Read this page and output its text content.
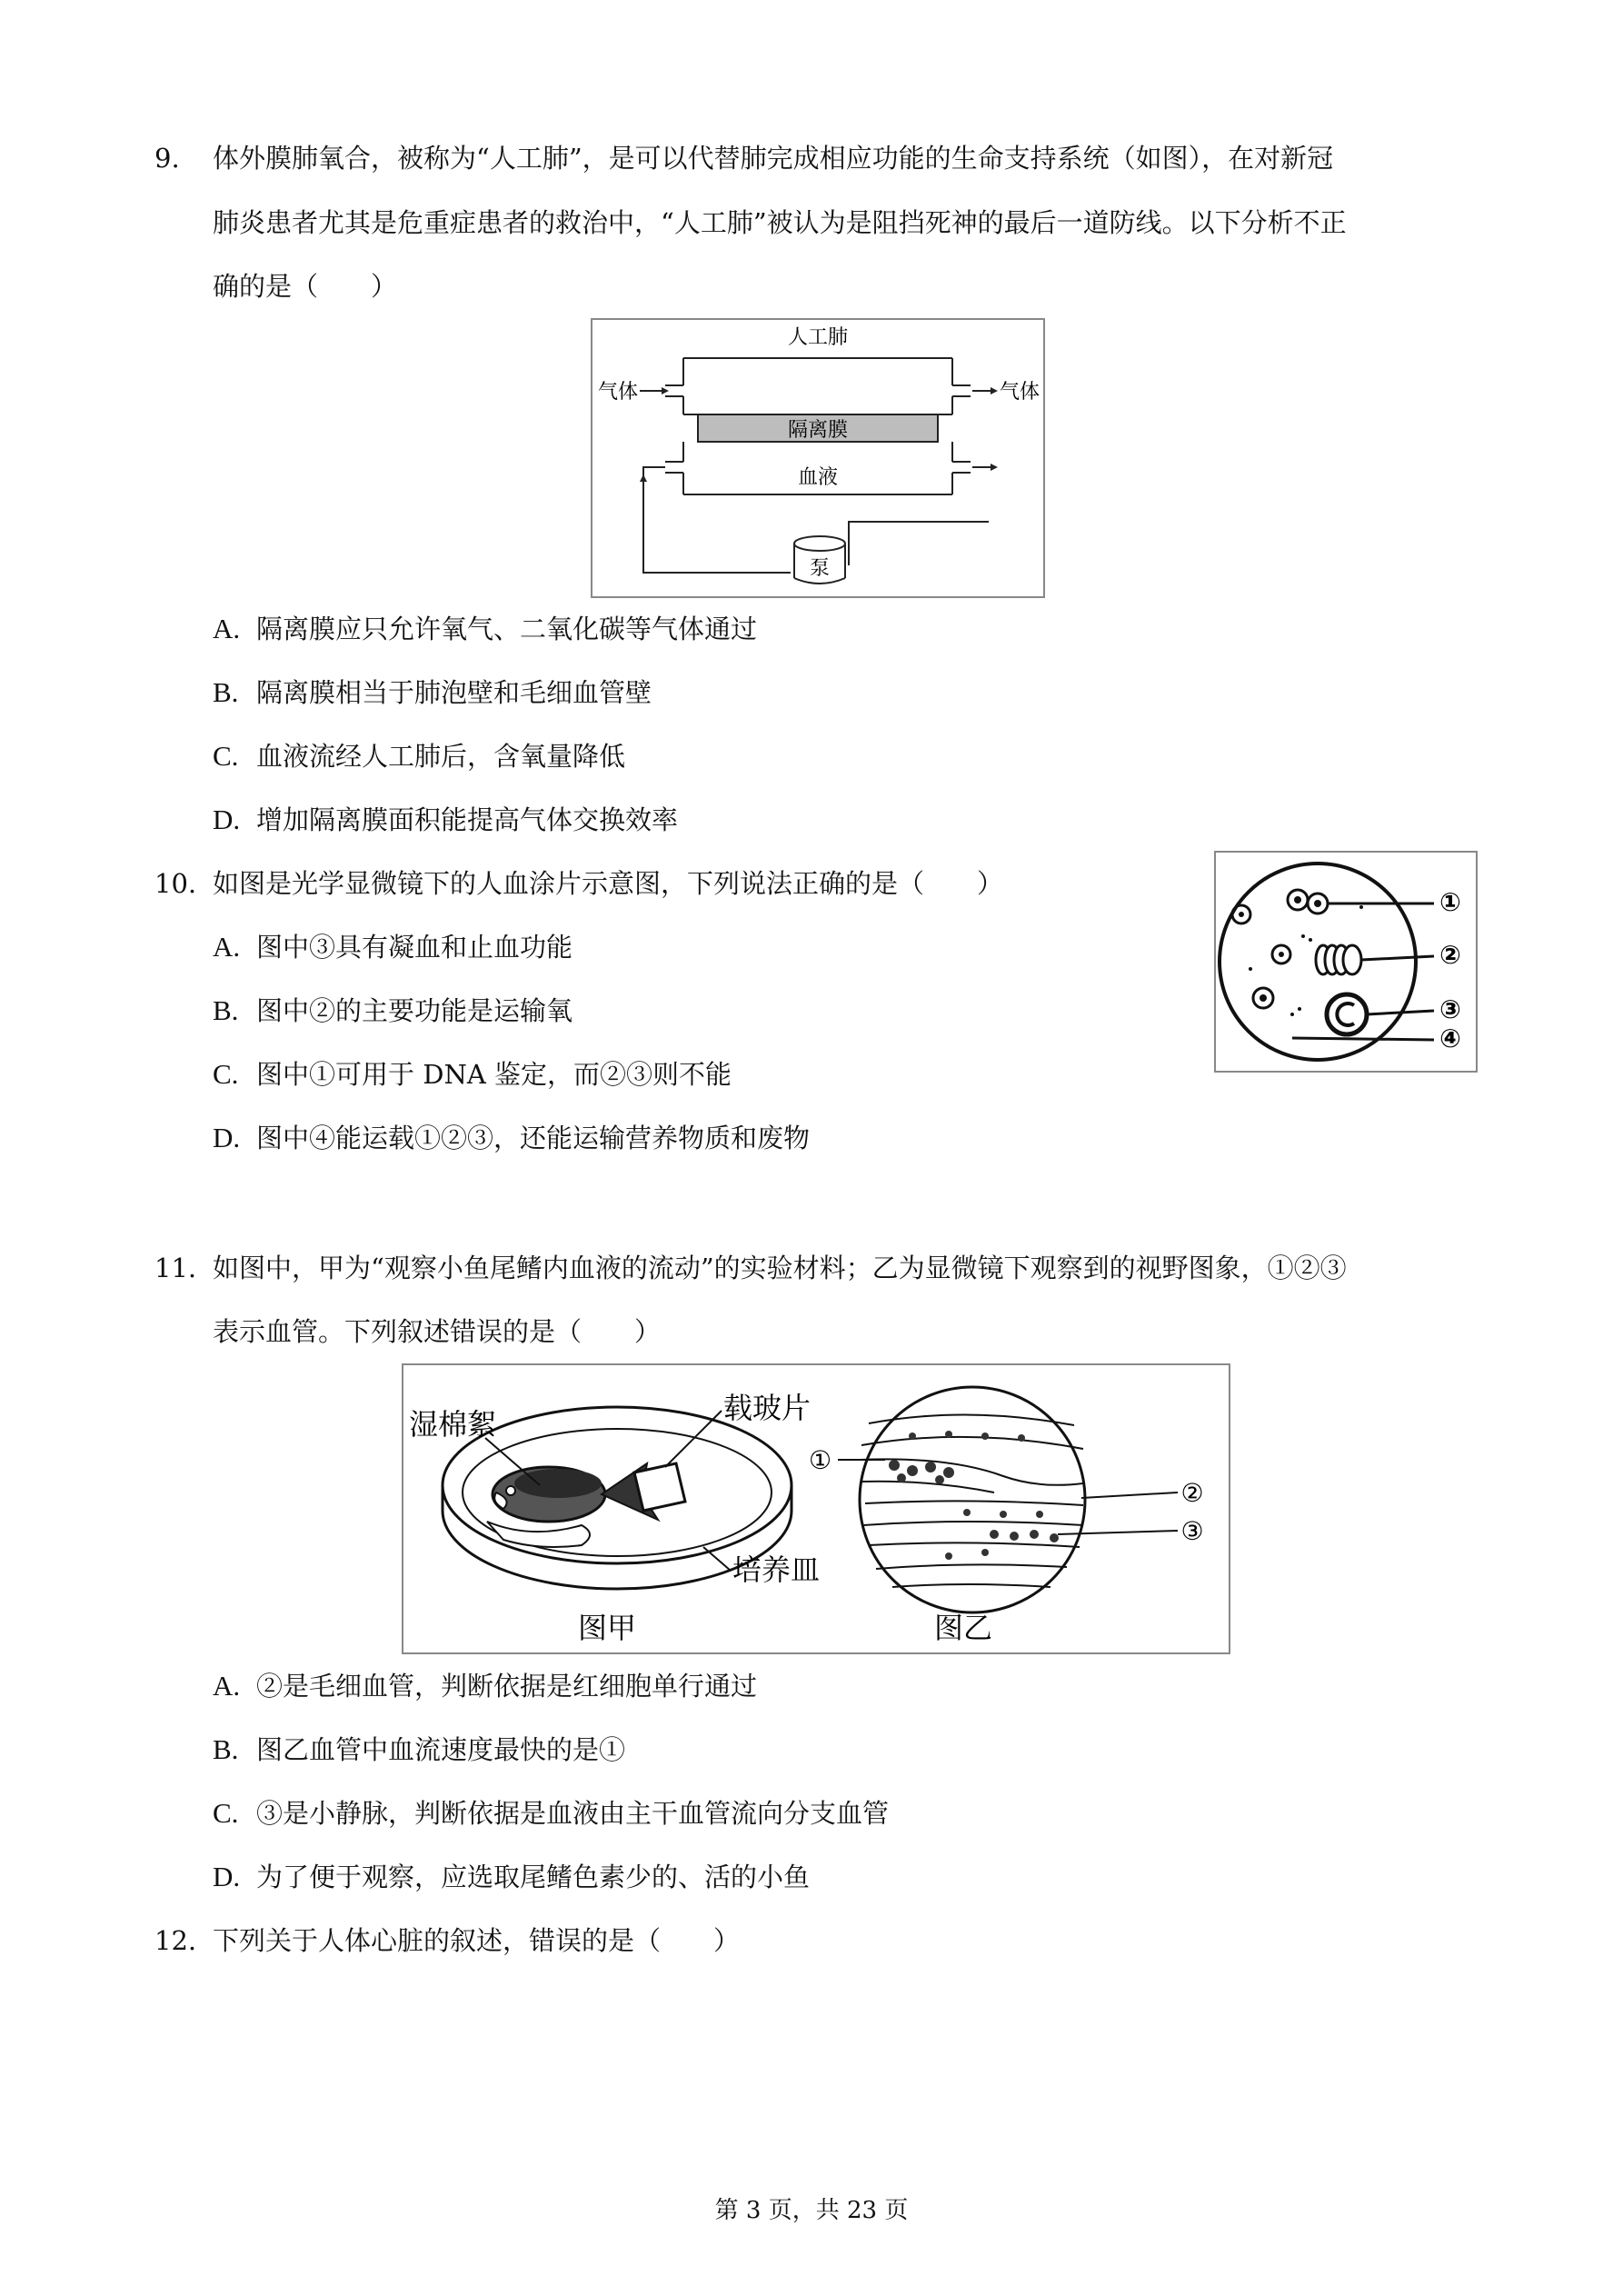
9. 体外膜肺氧合，被称为“人工肺”，是可以代替肺完成相应功能的生命支持系统（如图），在对新冠
肺炎患者尤其是危重症患者的救治中，“人工肺”被认为是阻挡死神的最后一道防线。以下分析不正
确的是（　　）
人工肺
气体	气体
隔离膜
血液
泵
A. 隔离膜应只允许氧气、二氧化碳等气体通过
B. 隔离膜相当于肺泡壁和毛细血管壁
C. 血液流经人工肺后，含氧量降低
D. 增加隔离膜面积能提高气体交换效率
10. 如图是光学显微镜下的人血涂片示意图，下列说法正确的是（　　）
①
②
③
④
A. 图中③具有凝血和止血功能
B. 图中②的主要功能是运输氧
C. 图中①可用于 DNA 鉴定，而②③则不能
D. 图中④能运载①②③，还能运输营养物质和废物
11. 如图中，甲为“观察小鱼尾鳍内血液的流动”的实验材料；乙为显微镜下观察到的视野图象，①②③
表示血管。下列叙述错误的是（　　）
湿棉絮	载玻片
培养皿
图甲
①
②
③
图乙
A. ②是毛细血管，判断依据是红细胞单行通过
B. 图乙血管中血流速度最快的是①
C. ③是小静脉，判断依据是血液由主干血管流向分支血管
D. 为了便于观察，应选取尾鳍色素少的、活的小鱼
12. 下列关于人体心脏的叙述，错误的是（　　）
第 3 页，共 23 页
